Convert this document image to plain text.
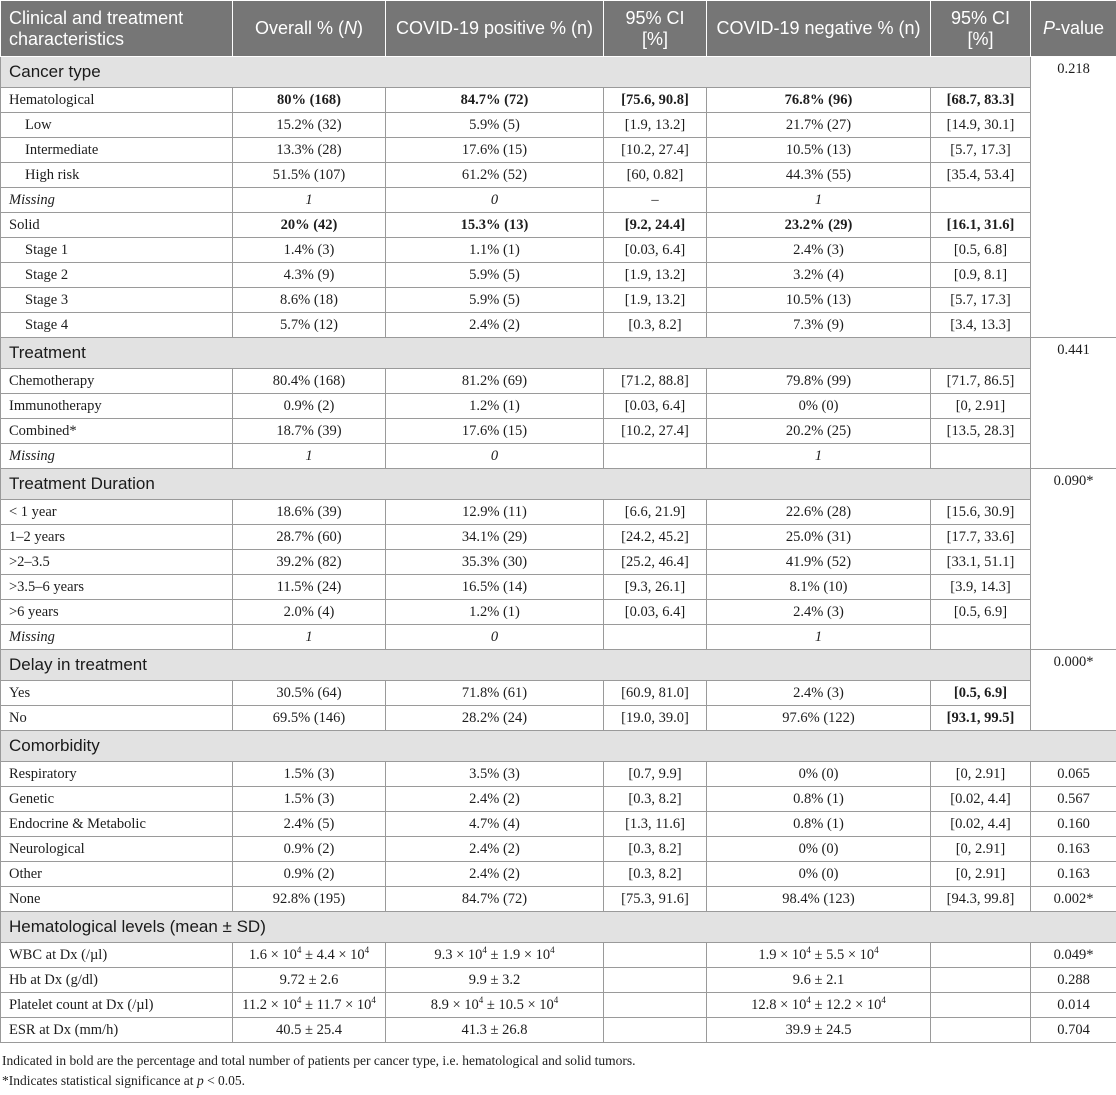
Clinical and treatment characteristics	Overall % (N)	COVID-19 positive % (n)	95% CI [%]	COVID-19 negative % (n)	95% CI [%]	P-value
Cancer type						0.218
Hematological	80% (168)	84.7% (72)	[75.6, 90.8]	76.8% (96)	[68.7, 83.3]	
Low	15.2% (32)	5.9% (5)	[1.9, 13.2]	21.7% (27)	[14.9, 30.1]	
Intermediate	13.3% (28)	17.6% (15)	[10.2, 27.4]	10.5% (13)	[5.7, 17.3]	
High risk	51.5% (107)	61.2% (52)	[60, 0.82]	44.3% (55)	[35.4, 53.4]	
Missing	1	0	–	1		
Solid	20% (42)	15.3% (13)	[9.2, 24.4]	23.2% (29)	[16.1, 31.6]	
Stage 1	1.4% (3)	1.1% (1)	[0.03, 6.4]	2.4% (3)	[0.5, 6.8]	
Stage 2	4.3% (9)	5.9% (5)	[1.9, 13.2]	3.2% (4)	[0.9, 8.1]	
Stage 3	8.6% (18)	5.9% (5)	[1.9, 13.2]	10.5% (13)	[5.7, 17.3]	
Stage 4	5.7% (12)	2.4% (2)	[0.3, 8.2]	7.3% (9)	[3.4, 13.3]	
Treatment						0.441
Chemotherapy	80.4% (168)	81.2% (69)	[71.2, 88.8]	79.8% (99)	[71.7, 86.5]	
Immunotherapy	0.9% (2)	1.2% (1)	[0.03, 6.4]	0% (0)	[0, 2.91]	
Combined*	18.7% (39)	17.6% (15)	[10.2, 27.4]	20.2% (25)	[13.5, 28.3]	
Missing	1	0		1		
Treatment Duration						0.090*
< 1 year	18.6% (39)	12.9% (11)	[6.6, 21.9]	22.6% (28)	[15.6, 30.9]	
1–2 years	28.7% (60)	34.1% (29)	[24.2, 45.2]	25.0% (31)	[17.7, 33.6]	
>2–3.5	39.2% (82)	35.3% (30)	[25.2, 46.4]	41.9% (52)	[33.1, 51.1]	
>3.5–6 years	11.5% (24)	16.5% (14)	[9.3, 26.1]	8.1% (10)	[3.9, 14.3]	
>6 years	2.0% (4)	1.2% (1)	[0.03, 6.4]	2.4% (3)	[0.5, 6.9]	
Missing	1	0		1		
Delay in treatment						0.000*
Yes	30.5% (64)	71.8% (61)	[60.9, 81.0]	2.4% (3)	[0.5, 6.9]	
No	69.5% (146)	28.2% (24)	[19.0, 39.0]	97.6% (122)	[93.1, 99.5]	
Comorbidity						
Respiratory	1.5% (3)	3.5% (3)	[0.7, 9.9]	0% (0)	[0, 2.91]	0.065
Genetic	1.5% (3)	2.4% (2)	[0.3, 8.2]	0.8% (1)	[0.02, 4.4]	0.567
Endocrine & Metabolic	2.4% (5)	4.7% (4)	[1.3, 11.6]	0.8% (1)	[0.02, 4.4]	0.160
Neurological	0.9% (2)	2.4% (2)	[0.3, 8.2]	0% (0)	[0, 2.91]	0.163
Other	0.9% (2)	2.4% (2)	[0.3, 8.2]	0% (0)	[0, 2.91]	0.163
None	92.8% (195)	84.7% (72)	[75.3, 91.6]	98.4% (123)	[94.3, 99.8]	0.002*
Hematological levels (mean ± SD)						
WBC at Dx (/µl)	$1.6 \times 10^4 \pm 4.4 \times 10^4$	$9.3 \times 10^4 \pm 1.9 \times 10^4$		$1.9 \times 10^4 \pm 5.5 \times 10^4$		0.049*
Hb at Dx (g/dl)	9.72 ± 2.6	9.9 ± 3.2		9.6 ± 2.1		0.288
Platelet count at Dx (/µl)	$11.2 \times 10^4 \pm 11.7 \times 10^4$	$8.9 \times 10^4 \pm 10.5 \times 10^4$		$12.8 \times 10^4 \pm 12.2 \times 10^4$		0.014
ESR at Dx (mm/h)	40.5 ± 25.4	41.3 ± 26.8		39.9 ± 24.5		0.704
Indicated in bold are the percentage and total number of patients per cancer type, i.e. hematological and solid tumors.
*Indicates statistical significance at p < 0.05.
